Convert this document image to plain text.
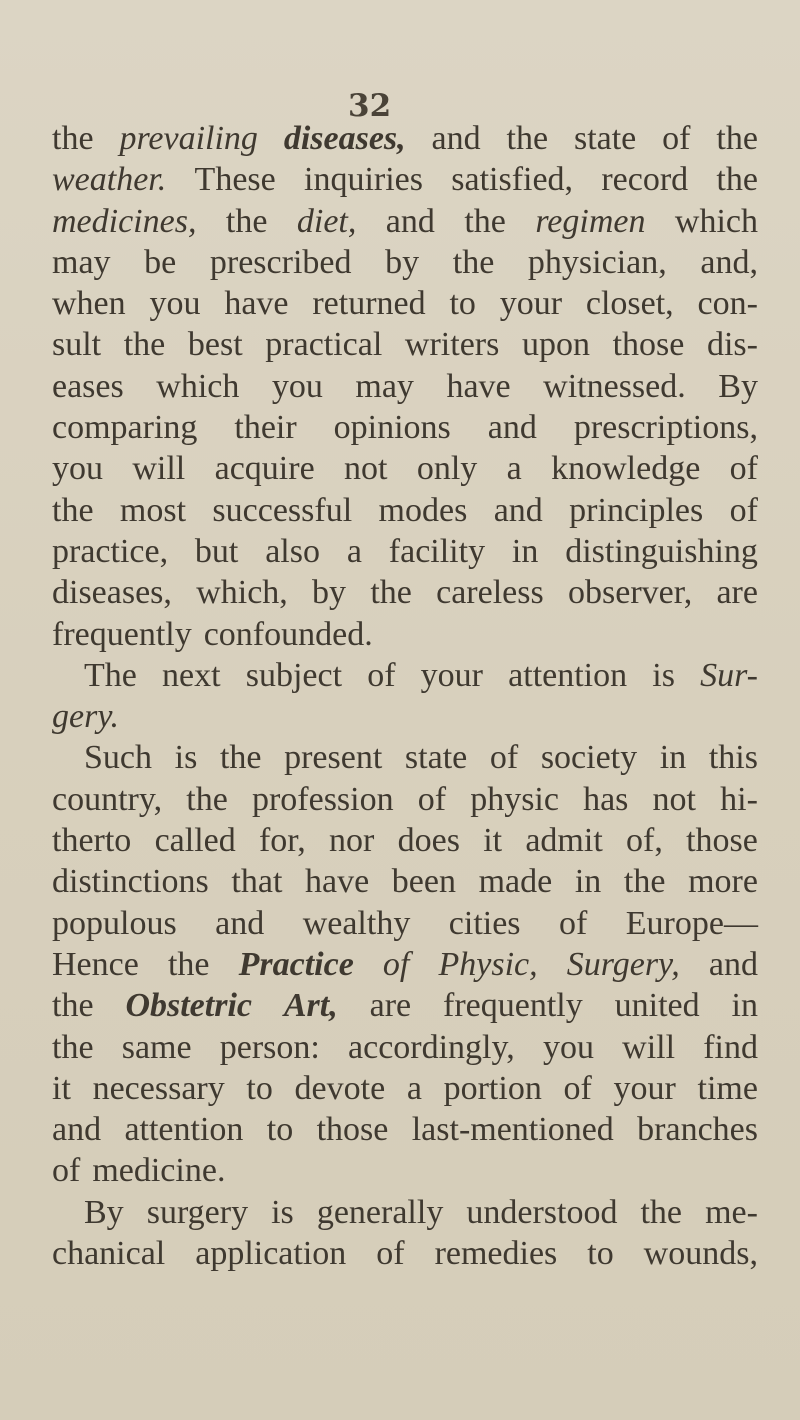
32
the prevailing diseases, and the state of the
weather. These inquiries satisfied, record the
medicines, the diet, and the regimen which
may be prescribed by the physician, and,
when you have returned to your closet, con-
sult the best practical writers upon those dis-
eases which you may have witnessed. By
comparing their opinions and prescriptions,
you will acquire not only a knowledge of
the most successful modes and principles of
practice, but also a facility in distinguishing
diseases, which, by the careless observer, are
frequently confounded.
The next subject of your attention is Sur-
gery.
Such is the present state of society in this
country, the profession of physic has not hi-
therto called for, nor does it admit of, those
distinctions that have been made in the more
populous and wealthy cities of Europe—
Hence the Practice of Physic, Surgery, and
the Obstetric Art, are frequently united in
the same person: accordingly, you will find
it necessary to devote a portion of your time
and attention to those last-mentioned branches
of medicine.
By surgery is generally understood the me-
chanical application of remedies to wounds,
